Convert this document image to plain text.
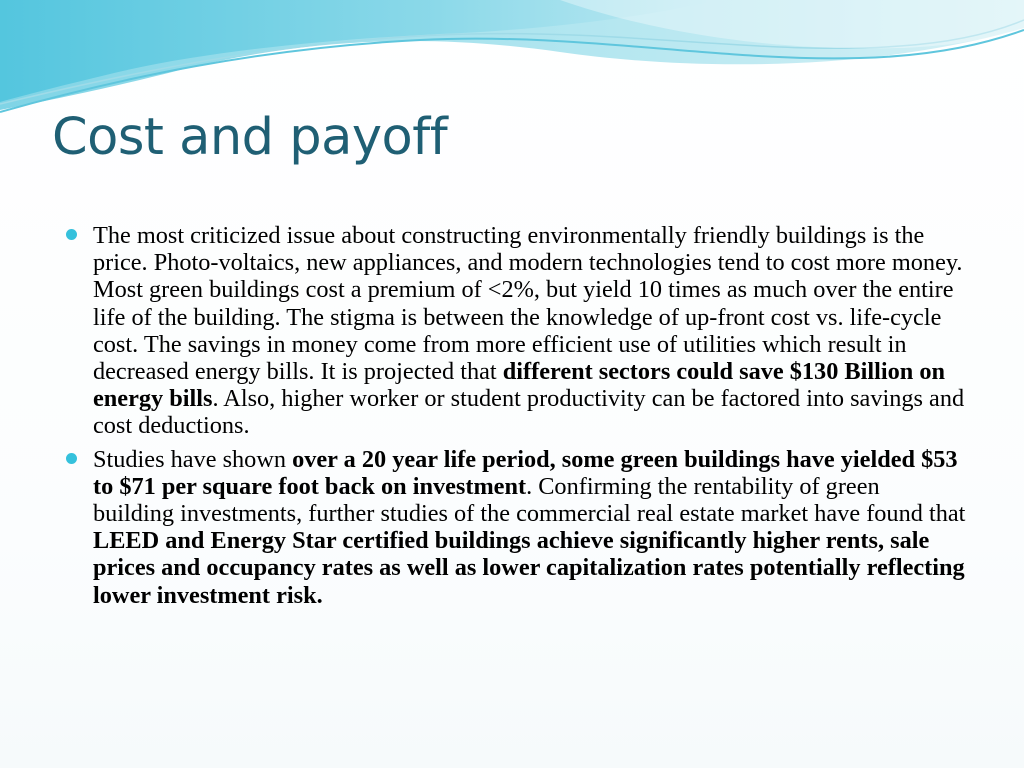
Cost and payoff
The most criticized issue about constructing environmentally friendly buildings is the price. Photo-voltaics, new appliances, and modern technologies tend to cost more money. Most green buildings cost a premium of <2%, but yield 10 times as much over the entire life of the building. The stigma is between the knowledge of up-front cost vs. life-cycle cost. The savings in money come from more efficient use of utilities which result in decreased energy bills. It is projected that different sectors could save $130 Billion on energy bills. Also, higher worker or student productivity can be factored into savings and cost deductions.
Studies have shown over a 20 year life period, some green buildings have yielded $53 to $71 per square foot back on investment. Confirming the rentability of green building investments, further studies of the commercial real estate market have found that LEED and Energy Star certified buildings achieve significantly higher rents, sale prices and occupancy rates as well as lower capitalization rates potentially reflecting lower investment risk.
